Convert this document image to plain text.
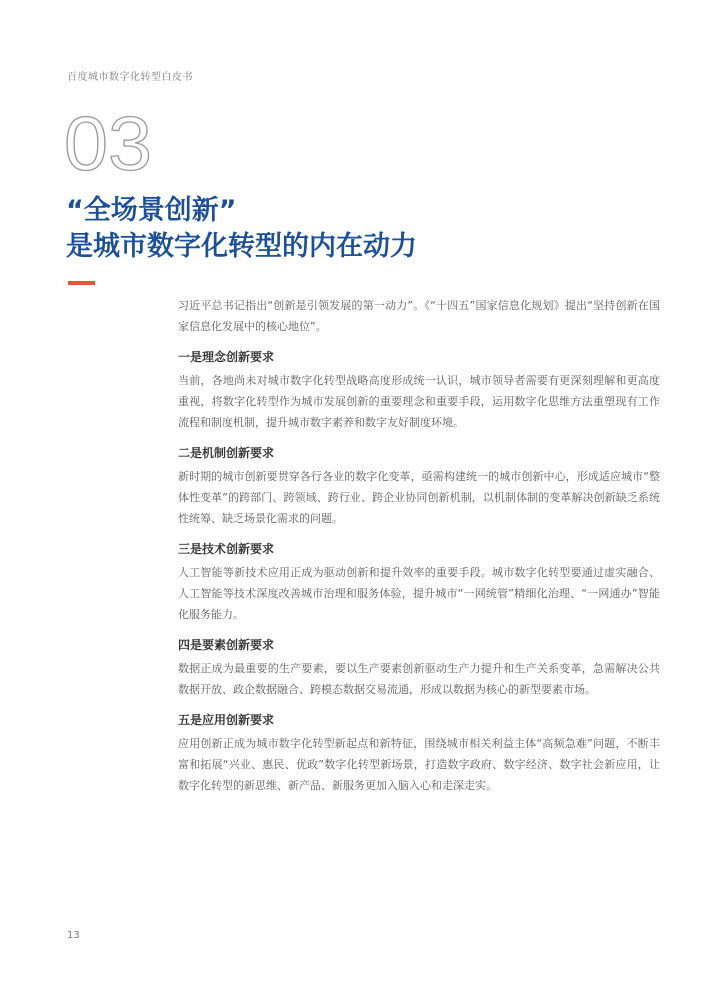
百度城市数字化转型白皮书
03
“全场景创新”
是城市数字化转型的内在动力

习近平总书记指出“创新是引领发展的第一动力”。《“十四五”国家信息化规划》提出“坚持创新在国家信息化发展中的核心地位”。

一是理念创新要求

当前，各地尚未对城市数字化转型战略高度形成统一认识，城市领导者需要有更深刻理解和更高度重视，将数字化转型作为城市发展创新的重要理念和重要手段，运用数字化思维方法重塑现有工作流程和制度机制，提升城市数字素养和数字友好制度环境。

二是机制创新要求

新时期的城市创新要贯穿各行各业的数字化变革，亟需构建统一的城市创新中心，形成适应城市“整体性变革”的跨部门、跨领域、跨行业、跨企业协同创新机制，以机制体制的变革解决创新缺乏系统性统筹、缺乏场景化需求的问题。

三是技术创新要求

人工智能等新技术应用正成为驱动创新和提升效率的重要手段。城市数字化转型要通过虚实融合、人工智能等技术深度改善城市治理和服务体验，提升城市“一网统管”精细化治理、“一网通办”智能化服务能力。

四是要素创新要求

数据正成为最重要的生产要素，要以生产要素创新驱动生产力提升和生产关系变革，急需解决公共数据开放、政企数据融合、跨模态数据交易流通，形成以数据为核心的新型要素市场。

五是应用创新要求

应用创新正成为城市数字化转型新起点和新特征，围绕城市相关利益主体“高频急难”问题，不断丰富和拓展“兴业、惠民、优政”数字化转型新场景，打造数字政府、数字经济、数字社会新应用，让数字化转型的新思维、新产品、新服务更加入脑入心和走深走实。

13
